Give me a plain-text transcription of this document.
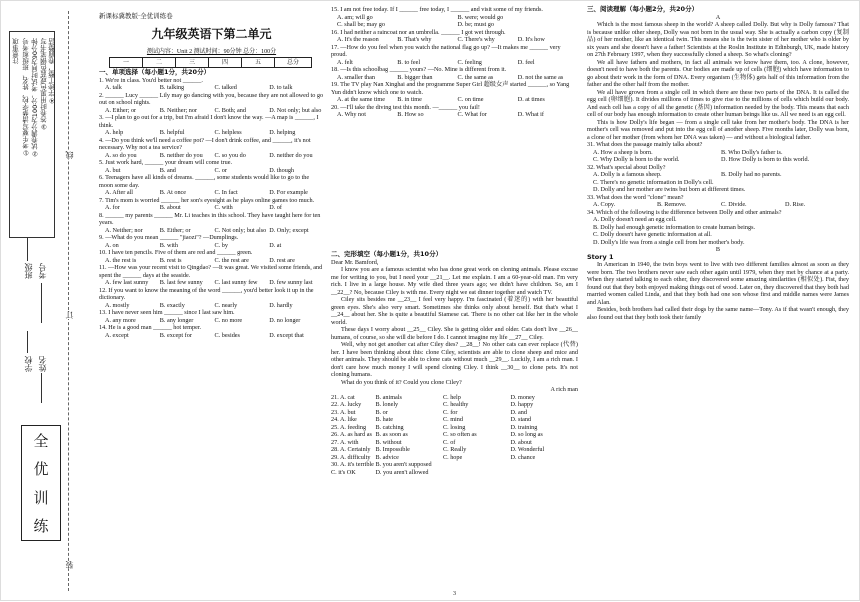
注意事项 ①考生要写清楚学校、姓名、班级和考号 ②试卷满分为100分，考试时间为90分钟 ③答卷时用黑色或蓝色钢笔书写 ④字迹工整，卷面整洁
班级 考号
学校 姓名
线
订
装
全
优
训
练
新课标冀教版·全优训练卷
九年级英语下第二单元
测试内容：Unit 2 测试时间：90分钟 总分：100分
一	二	三	四	五	总分
一、单项选择（每小题1分，共20分）

1. We're in class. You'd better not ______.

A. talk	B. talking	C. talked	D. to talk

2. ______ Lucy ______ Lily may go dancing with you, because they are not allowed to go out on school nights.

A. Either; or	B. Neither; nor	C. Both; and	D. Not only; but also

3. —I plan to go out for a trip, but I'm afraid I don't know the way. —A map is ______, I think.

A. help	B. helpful	C. helpless	D. helping

4. —Do you think we'll need a coffee pot? —I don't drink coffee, and ______, it's not necessary. Why not a tea service?

A. so do you	B. neither do you	C. so you do	D. neither do you

5. Just work hard, ______ your dream will come true.

A. but	B. and	C. or	D. though

6. Teenagers have all kinds of dreams. ______, some students would like to go to the moon some day.

A. After all	B. At once	C. In fact	D. For example

7. Tim's mom is worried ______ her son's eyesight as he plays online games too much.

A. for	B. about	C. with	D. of

8. ______ my parents ______ Mr. Li teaches in this school. They have taught here for ten years.

A. Neither; nor	B. Either; or	C. Not only; but also D. Only; except

9. —What do you mean ______ "jiaozi"? —Dumplings.

A. on	B. with	C. by	D. at

10. I have ten pencils. Five of them are red and ______ green.

A. the rest is	B. rest is	C. the rest are	D. rest are

11. —How was your recent visit to Qingdao? —It was great. We visited some friends, and spent the ______ days at the seaside.

A. few last sunny	B. last few sunny	C. last sunny few	D. few sunny last

12. If you want to know the meaning of the word ______, you'd better look it up in the dictionary.

A. mostly	B. exactly	C. nearly	D. hardly

13. I have never seen him ______ since I last saw him.

A. any more	B. any longer	C. no more	D. no longer

14. He is a good man ______ hot temper.

A. except	B. except for	C. besides	D. except that

15. I am not free today. If I ______ free today, I ______ and visit some of my friends.

A. am; will go	B. were; would go
C. shall be; may go	D. be; must go

16. I had neither a raincoat nor an umbrella. ______ I got wet through.

A. It's the reason	B. That's why	C. There's why	D. It's how

17. —How do you feel when you watch the national flag go up? —It makes me ______ very proud.

A. felt	B. to feel	C. feeling	D. feel

18. —Is this schoolbag ______ yours? —No. Mine is different from it.

A. smaller than	B. bigger than	C. the same as	D. not the same as

19. The TV play Nan Xinghai and the programme Super Girl 超级女声 started ______, so Yang Yun didn't know which one to watch.

A. at the same time	B. in time	C. on time	D. at times

20. —I'll take the diving test this month. —______ you fail!

A. Why not	B. How so	C. What for	D. What if
二、完形填空（每小题1分，共10分）
Dear Mr. Bamford,

I know you are a famous scientist who has done great work on cloning animals. Please excuse me for writing to you, but I need your __21__. Let me explain. I am a 60-year-old man. I'm very rich. I live in a large house. My wife died three years ago; we didn't have children. So, am I __22__? No, because Ciley is with me. Every night we eat dinner together and watch TV.

Ciley sits besides me __23__ I feel very happy. I'm fascinated (着迷的) with her beautiful green eyes. She's also very smart. Sometimes she thinks only about herself. But that's what I __24__ about her. She is quite a beautiful Siamese cat. There is no other cat like her in the whole world.

These days I worry about __25__ Ciley. She is getting older and older. Cats don't live __26__ humans, of course, so she will die before I do. I cannot imagine my life __27__ Ciley.

Well, why not get another cat after Ciley dies? __28__! No other cats can ever replace (代替) her. I have been thinking about this: clone Ciley, scientists are able to clone sheep and mice and other animals. They should be able to clone cats without much __29__. Luckily, I am a rich man. I don't care how much money I will spend cloning Ciley. I think __30__ to clone pets. It's not cloning humans.

What do you think of it? Could you clone Ciley?

A rich man
21. A. cat	B. animals	C. help	D. money
22. A. lucky	B. lonely	C. healthy	D. happy
23. A. but	B. or	C. for	D. and
24. A. like	B. hate	C. mind	D. stand
25. A. feeding	B. catching	C. losing	D. training
26. A. as hard as B. as soon as	C. so often as	D. so long as
27. A. with	B. without	C. of	D. about
28. A. Certainly B. Impossible	C. Really	D. Wonderful
29. A. difficulty B. advice	C. hope	D. chance
30. A. it's terrible B. you aren't supposed
C. it's OK	D. you aren't allowed
3
三、阅读理解（每小题2分，共20分）
A

Which is the most famous sheep in the world? A sheep called Dolly. But why is Dolly famous? That is because unlike other sheep, Dolly was not born in the usual way. She is actually a carbon copy (复制品) of her mother, like an identical twin. This means she is the twin sister of her mother who is older by six years and she doesn't have a father! Scientists at the Roslin Institute in Edinburgh, UK, made history on 27th February 1997, when they successfully cloned a sheep. So what's cloning?

We all have fathers and mothers, in fact all animals we know have them, too. A clone, however, doesn't need to have both the parents. Our bodies are made up of cells (细胞) which have information to go about their work in the form of DNA. Every organism (生物体) gets half of this information from the father and the other half from the mother.

We all have grown from a single cell in which there are these two parts of the DNA. It is called the egg cell (卵细胞). It divides millions of times to give rise to the millions of cells which build our body. And each cell has a copy of all the genetic (基因) information needed by the body. This means that each cell of our body has enough information to create other human beings like us. All we need is an egg cell.

This is how Dolly's life began — from a single cell take from her mother's body. The DNA is her mother's cell was removed and put into the egg cell of another sheep. Five months later, Dolly was born, a clone of her mother (from whom her DNA was taken) — and without a biological father.

31. What does the passage mainly talks about?

A. How a sheep is born.	B. Who Dolly's father is.
C. Why Dolly is born to the world.	D. How Dolly is born to this world.

32. What's special about Dolly?

A. Dolly is a famous sheep.	B. Dolly had no parents.
C. There's no genetic information in Dolly's cell.
D. Dolly and her mother are twins but born at different times.

33. What does the word "clone" mean?

A. Copy.	B. Remove.	C. Divide.	D. Rise.

34. Which of the following is the difference between Dolly and other animals?

A. Dolly doesn't need an egg cell.
B. Dolly had enough genetic information to create human beings.
C. Dolly doesn't have genetic information at all.
D. Dolly's life was from a single cell from her mother's body.
B
Story 1

In American in 1940, the twin boys went to live with two different families almost as soon as they were born. The two brothers never saw each other again until 1979, when they met by chance at a party. When they started talking to each other, they discovered some amazing similarities (相似处). Fist, they found out that they both enjoyed making things out of wood. Later on, they discovered that they both had married women called Linda, and that they both had one son whose first and middle names were James and Alan.

Besides, both brothers had called their dogs by the same name—Tony. As if that wasn't enough, they also found out that they both took their family
